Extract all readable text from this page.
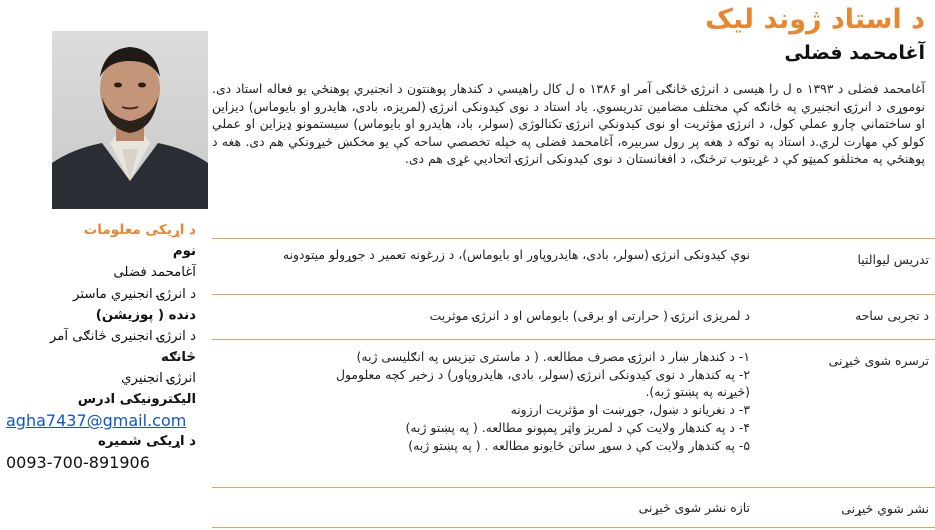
د استاد ژوند ليک
آغامحمد فضلی
آغامحمد فضلی د ۱۳۹۳ ه ل را هیسی د انرژۍ څانګی آمر او ۱۳۸۶ ه ل کال راهیسي د کندهار پوهنتون د انجنيري پوهنځي يو فعاله استاد دی. نوموړی د انرژۍ انجنيري په څانګه کې مختلف مضامين تدريسوي. ياد استاد د نوی کيدونکی انرژۍ (لمريزه، بادی، هايدرو او بايوماس) ديزاين او ساختماني چارو عملي کول، د انرژۍ مؤثريت او نوی کيدونکي انرژۍ تکنالوژی (سولر، باد، هايدرو او بايوماس) سيستمونو ډيزاين او عملي کولو کې مهارت لري.د استاد په توګه د هغه پر رول سربيره، آغامحمد فضلی په خپله تخصصي ساحه کې يو مخکښ څيړونکي هم دی. هغه د پوهنځي په مختلفو کميټو کې د غړيتوب ترڅنګ، د افغانستان د نوی کيدونکی انرژۍ اتحاديي غړی هم دی.
د اړیکی معلومات
نوم
آغامحمد فضلی
د انرژۍ انجنيري ماستر
دنده ( پوزیشن)
د انرژۍ انجنيری څانګی آمر
څانګه
انرژۍ انجنيري
اليکترونيکی ادرس
agha7437@gmail.com
د اړیکی شمیره
0093-700-891906
تدريس ليوالتيا
نوې کيدونکی انرژۍ (سولر، بادی، هايدروپاور او بايوماس)، د زرغونه تعمير د جوړولو ميتودونه
د تجربی ساحه
د لمريزی انرژۍ ( حرارتی او برقی) بايوماس او د انرژۍ موثريت
ترسره شوی څيړنی
۱- د کندهار ښار د انرژۍ مصرف مطالعه. ( د ماستری تيزيس په انګليسی ژبه)
۲- په کندهار د نوی کيدونکی انرژۍ (سولر، بادی، هايدروپاور) د زخير کچه معلومول
(څيړنه په پښتو ژبه).
۳- د نغريانو د ښول، جوړښت او مؤثريت ارزونه
۴- د په کندهار ولايت کې د لمريز واټر پمپونو مطالعه. ( په پښتو ژبه)
۵- په کندهار ولايت کې د سوړ ساتن ځايونو مطالعه . ( په پښتو ژبه)
نشر شوي څيړنی
تازه نشر شوی څيړنی
